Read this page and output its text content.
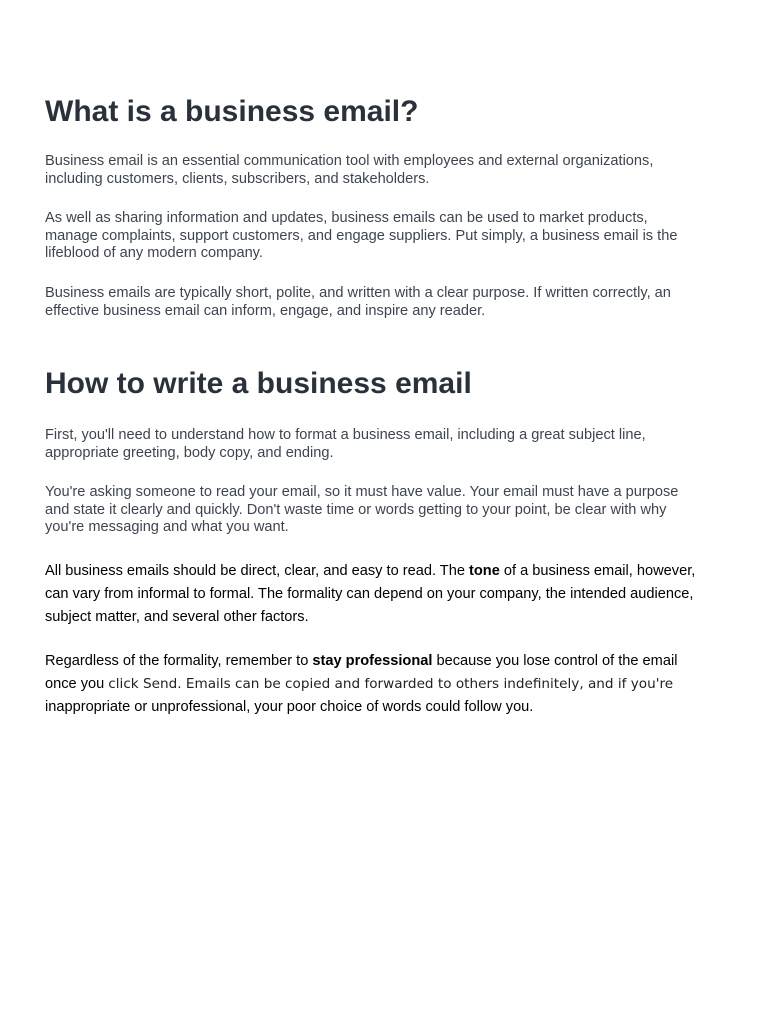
What is a business email?

Business email is an essential communication tool with employees and external organizations,
including customers, clients, subscribers, and stakeholders.

As well as sharing information and updates, business emails can be used to market products,
manage complaints, support customers, and engage suppliers. Put simply, a business email is the
lifeblood of any modern company.

Business emails are typically short, polite, and written with a clear purpose. If written correctly, an
effective business email can inform, engage, and inspire any reader.

How to write a business email

First, you'll need to understand how to format a business email, including a great subject line,
appropriate greeting, body copy, and ending.

You're asking someone to read your email, so it must have value. Your email must have a purpose
and state it clearly and quickly. Don't waste time or words getting to your point, be clear with why
you're messaging and what you want.

All business emails should be direct, clear, and easy to read. The tone of a business email, however,
can vary from informal to formal. The formality can depend on your company, the intended audience,
subject matter, and several other factors.

Regardless of the formality, remember to stay professional because you lose control of the email
once you click Send. Emails can be copied and forwarded to others indefinitely, and if you're
inappropriate or unprofessional, your poor choice of words could follow you.
